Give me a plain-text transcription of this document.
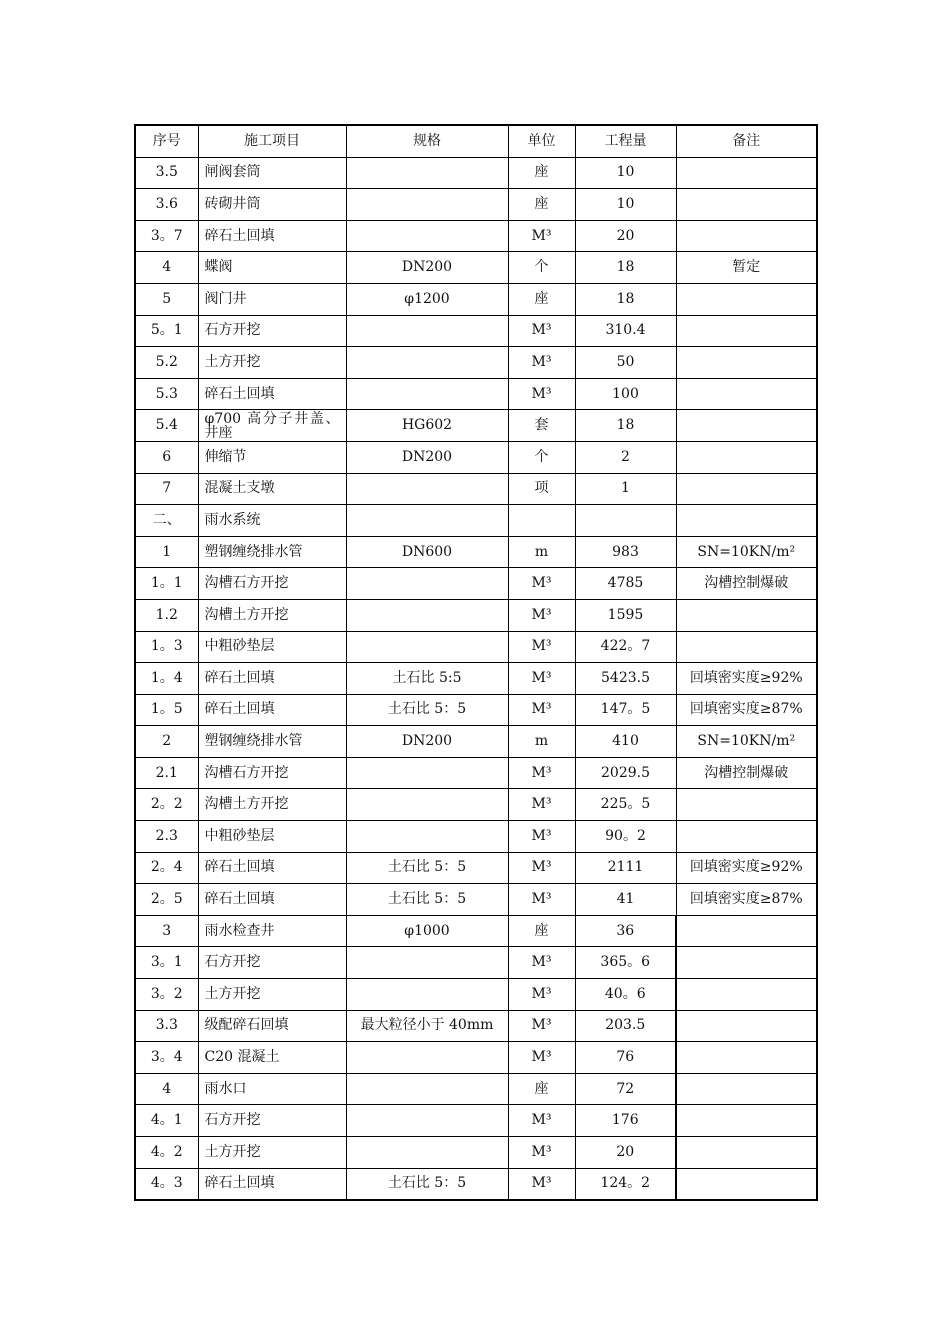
序号	施工项目	规格	单位	工程量	备注
3.5	闸阀套筒		座	10	
3.6	砖砌井筒		座	10	
3。7	碎石土回填		M³	20	
4	蝶阀	DN200	个	18	暂定
5	阀门井	φ1200	座	18	
5。1	石方开挖		M³	310.4	
5.2	土方开挖		M³	50	
5.3	碎石土回填		M³	100	
5.4	φ700 高分子井盖、井座	HG602	套	18	
6	伸缩节	DN200	个	2	
7	混凝土支墩		项	1	
二、	雨水系统				
1	塑钢缠绕排水管	DN600	m	983	SN=10KN/m²
1。1	沟槽石方开挖		M³	4785	沟槽控制爆破
1.2	沟槽土方开挖		M³	1595	
1。3	中粗砂垫层		M³	422。7	
1。4	碎石土回填	土石比 5:5	M³	5423.5	回填密实度≥92%
1。5	碎石土回填	土石比 5：5	M³	147。5	回填密实度≥87%
2	塑钢缠绕排水管	DN200	m	410	SN=10KN/m²
2.1	沟槽石方开挖		M³	2029.5	沟槽控制爆破
2。2	沟槽土方开挖		M³	225。5	
2.3	中粗砂垫层		M³	90。2	
2。4	碎石土回填	土石比 5：5	M³	2111	回填密实度≥92%
2。5	碎石土回填	土石比 5：5	M³	41	回填密实度≥87%
3	雨水检查井	φ1000	座	36	
3。1	石方开挖		M³	365。6	
3。2	土方开挖		M³	40。6	
3.3	级配碎石回填	最大粒径小于 40mm	M³	203.5	
3。4	C20 混凝土		M³	76	
4	雨水口		座	72	
4。1	石方开挖		M³	176	
4。2	土方开挖		M³	20	
4。3	碎石土回填	土石比 5：5	M³	124。2	
